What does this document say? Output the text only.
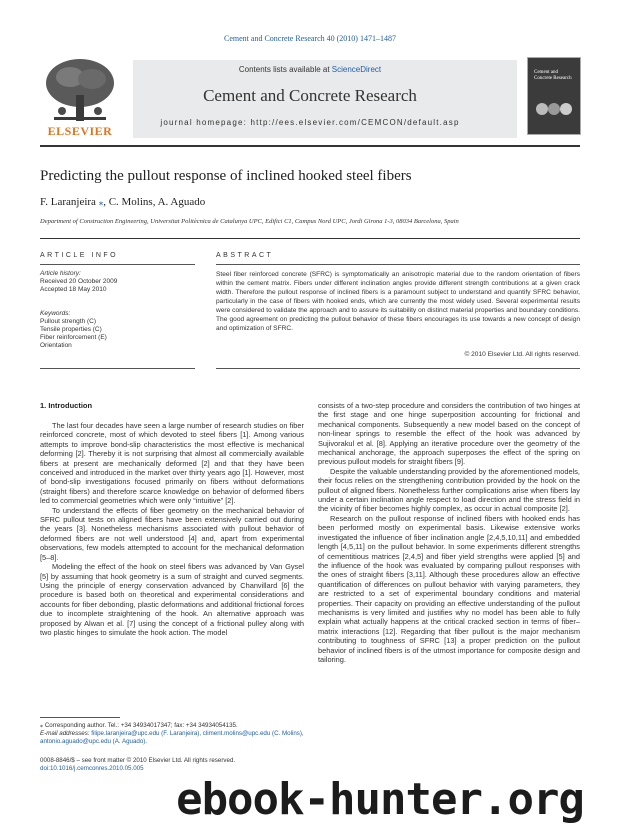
Cement and Concrete Research 40 (2010) 1471–1487
Contents lists available at ScienceDirect
Cement and Concrete Research
journal homepage: http://ees.elsevier.com/CEMCON/default.asp
ELSEVIER
Cement and Concrete Research
Predicting the pullout response of inclined hooked steel fibers
F. Laranjeira ⁎, C. Molins, A. Aguado
Department of Construction Engineering, Universitat Politècnica de Catalunya UPC, Edifici C1, Campus Nord UPC, Jordi Girona 1-3, 08034 Barcelona, Spain
ARTICLE INFO
Article history:
Received 20 October 2009
Accepted 18 May 2010
Keywords:
Pullout strength (C)
Tensile properties (C)
Fiber reinforcement (E)
Orientation
ABSTRACT
Steel fiber reinforced concrete (SFRC) is symptomatically an anisotropic material due to the random orientation of fibers within the cement matrix. Fibers under different inclination angles provide different strength contributions at a given crack width. Therefore the pullout response of inclined fibers is a paramount subject to understand and quantify SFRC behavior, particularly in the case of fibers with hooked ends, which are currently the most widely used. Several experimental results were considered to validate the approach and to assure its suitability on distinct material properties and boundary conditions. The good agreement on predicting the pullout behavior of these fibers encourages its use towards a new concept of design and optimization of SFRC.
© 2010 Elsevier Ltd. All rights reserved.
1. Introduction

The last four decades have seen a large number of research studies on fiber reinforced concrete, most of which devoted to steel fibers [1]. Among various attempts to improve bond-slip characteristics the most effective is mechanical deforming [2]. Thereby it is not surprising that almost all commercially available fibers at present are mechanically deformed [2] and that they have been conceived and introduced in the market over thirty years ago [1]. However, most of bond-slip investigations focused primarily on fibers without deformations (straight fibers) and therefore scarce knowledge on behavior of deformed fibers led to commercial geometries which were only “intuitive” [2].

To understand the effects of fiber geometry on the mechanical behavior of SFRC pullout tests on aligned fibers have been extensively carried out during the years [3]. Nonetheless mechanisms associated with pullout behavior of deformed fibers are not well understood [4] and, apart from experimental observations, few models attempted to account for the mechanical deformation [5–8].

Modeling the effect of the hook on steel fibers was advanced by Van Gysel [5] by assuming that hook geometry is a sum of straight and curved segments. Using the principle of energy conservation advanced by Chanvillard [6] the procedure is based both on theoretical and experimental considerations and accounts for fiber debonding, plastic deformations and additional frictional forces due to incomplete straightening of the hook. An alternative approach was proposed by Alwan et al. [7] using the concept of a frictional pulley along with two plastic hinges to simulate the hook action. The model

consists of a two-step procedure and considers the contribution of two hinges at the first stage and one hinge superposition accounting for frictional and mechanical components. Subsequently a new model based on the concept of non-linear springs to resemble the effect of the hook was advanced by Sujivorakul et al. [8]. Applying an iterative procedure over the geometry of the mechanical anchorage, the approach superposes the effect of the spring on previous pullout models for straight fibers [9].

Despite the valuable understanding provided by the aforementioned models, their focus relies on the strengthening contribution provided by the hook on the pullout of aligned fibers. Nonetheless further complications arise when fibers lay under a certain inclination angle respect to load direction and the stress field in the vicinity of fiber becomes highly complex, as occur in actual composite [2].

Research on the pullout response of inclined fibers with hooked ends has been performed mostly on experimental basis. Likewise extensive works investigated the influence of fiber inclination angle [2,4,5,10,11] and embedded length [4,5,11] on the pullout behavior. In some experiments different strengths of cementitious matrices [2,4,5] and fiber yield strengths were applied [5] and the influence of the hook was evaluated by comparing pullout responses with the ones of straight fibers [3,11]. Although these procedures allow an effective quantification of differences on pullout behavior with varying parameters, they are restricted to a set of experimental boundary conditions and material properties. Their capacity on providing an effective understanding of the pullout mechanisms is very limited and justifies why no model has been able to fully explain what actually happens at the critical cracked section in terms of fiber–matrix interactions [12]. Regarding that fiber pullout is the major mechanism contributing to toughness of SFRC [13] a proper prediction on the pullout behavior of inclined fibers is of the utmost importance for composite design and tailoring.

⁎ Corresponding author. Tel.: +34 34934017347; fax: +34 34934054135.
E-mail addresses: filipe.laranjeira@upc.edu (F. Laranjeira), climent.molins@upc.edu (C. Molins), antonio.aguado@upc.edu (A. Aguado).
0008-8846/$ – see front matter © 2010 Elsevier Ltd. All rights reserved.
doi:10.1016/j.cemconres.2010.05.005
ebook-hunter.org
